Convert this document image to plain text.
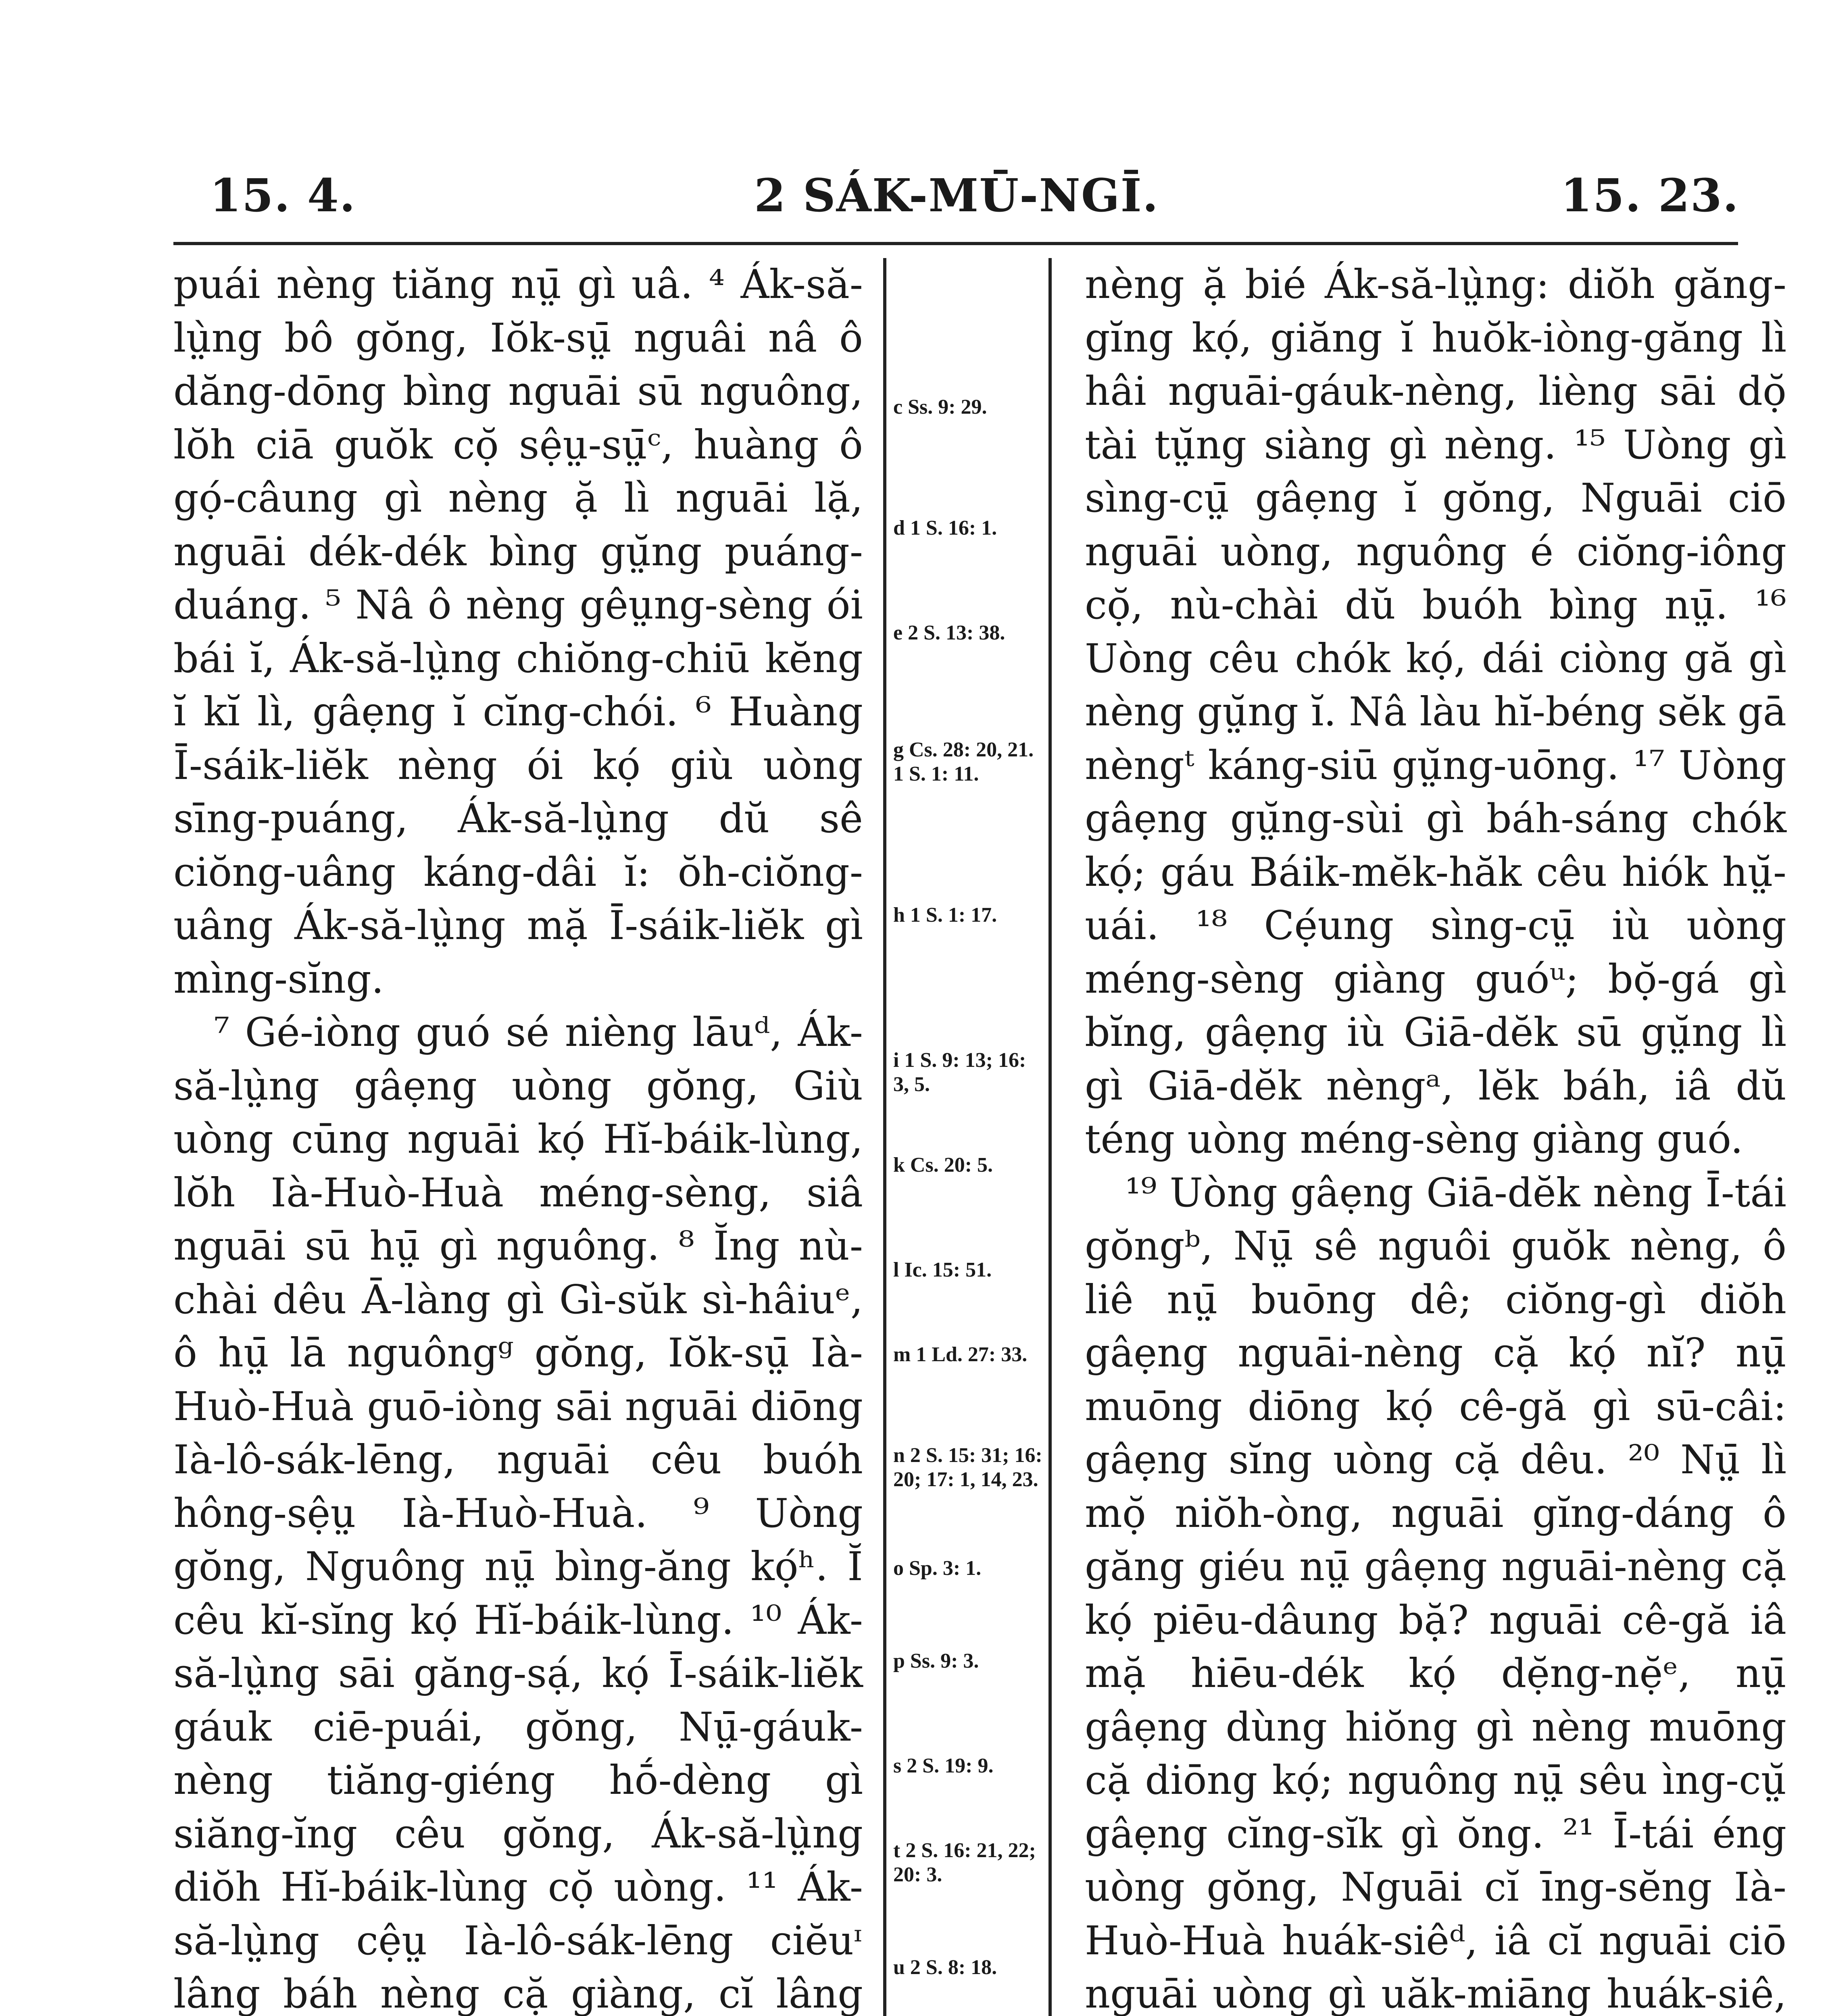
15. 4.	2 SÁK-MŪ-NGĪ.	15. 23.

puái nèng tiăng nṳ̄ gì uâ. ⁴ Ák-să-lṳ̀ng bô gŏng, Iŏk-sṳ̄ nguâi nâ ô dăng-dōng bìng nguāi sū nguông, lŏh ciā guŏk cọ̆ sệṳ-sṳ̄ᶜ, huàng ô gọ́-câung gì nèng ặ lì nguāi lặ, nguāi dék-dék bìng gṳ̆ng puáng-duáng. ⁵ Nâ ô nèng gêṳng-sèng ói bái ĭ, Ák-să-lṳ̀ng chiŏng-chiū kĕng ĭ kĭ lì, gâẹng ĭ cĭng-chói. ⁶ Huàng Ī-sáik-liĕk nèng ói kọ́ giù uòng sīng-puáng, Ák-să-lṳ̀ng dŭ sê ciŏng-uâng káng-dâi ĭ: ŏh-ciŏng-uâng Ák-să-lṳ̀ng mặ Ī-sáik-liĕk gì mìng-sĭng.

⁷ Gé-iòng guó sé nièng lāuᵈ, Ák-să-lṳ̀ng gâẹng uòng gŏng, Giù uòng cūng nguāi kọ́ Hĭ-báik-lùng, lŏh Ià-Huò-Huà méng-sèng, siâ nguāi sū hṳ̄ gì nguông. ⁸ Ĭng nù-chài dêu Ā-làng gì Gì-sŭk sì-hâiuᵉ, ô hṳ̄ lā nguôngᵍ gŏng, Iŏk-sṳ̄ Ià-Huò-Huà guō-iòng sāi nguāi diōng Ià-lô-sák-lēng, nguāi cêu buóh hông-sệṳ Ià-Huò-Huà. ⁹ Uòng gŏng, Nguông nṳ̄ bìng-ăng kọ́ʰ. Ĭ cêu kĭ-sĭng kọ́ Hĭ-báik-lùng. ¹⁰ Ák-să-lṳ̀ng sāi găng-sạ́, kọ́ Ī-sáik-liĕk gáuk ciē-puái, gŏng, Nṳ̄-gáuk-nèng tiăng-giéng hṓ-dèng gì siăng-ĭng cêu gŏng, Ák-să-lṳ̀ng diŏh Hĭ-báik-lùng cọ̆ uòng. ¹¹ Ák-să-lṳ̀ng cệṳ Ià-lô-sák-lēng ciĕuᶦ lâng báh nèng cặ giàng, cĭ lâng

c Ss. 9: 29.
d 1 S. 16: 1.
e 2 S. 13: 38.
g Cs. 28: 20, 21. 1 S. 1: 11.
h 1 S. 1: 17.
i 1 S. 9: 13; 16: 3, 5.
k Cs. 20: 5.
l Ic. 15: 51.
m 1 Ld. 27: 33.
n 2 S. 15: 31; 16: 20; 17: 1, 14, 23.
o Sp. 3: 1.
p Ss. 9: 3.
s 2 S. 19: 9.
t 2 S. 16: 21, 22; 20: 3.
u 2 S. 8: 18.

nèng ặ bié Ák-să-lṳ̀ng: diŏh găng-gĭng kọ́, giăng ĭ huŏk-iòng-găng lì hâi nguāi-gáuk-nèng, lièng sāi dọ̆ tài tṳ̆ng siàng gì nèng. ¹⁵ Uòng gì sìng-cṳ̄ gâẹng ĭ gŏng, Nguāi ciō nguāi uòng, nguông é ciŏng-iông cọ̆, nù-chài dŭ buóh bìng nṳ̄. ¹⁶ Uòng cêu chók kọ́, dái ciòng gă gì nèng gṳ̆ng ĭ. Nâ làu hĭ-béng sĕk gā nèngᵗ káng-siū gṳ̆ng-uōng. ¹⁷ Uòng gâẹng gṳ̆ng-sùi gì báh-sáng chók kọ́; gáu Báik-mĕk-hăk cêu hiók hṳ̆-uái. ¹⁸ Cẹ́ung sìng-cṳ̄ iù uòng méng-sèng giàng guóᵘ; bọ̆-gá gì bĭng, gâẹng iù Giā-dĕk sū gṳ̆ng lì gì Giā-dĕk nèngᵃ, lĕk báh, iâ dŭ téng uòng méng-sèng giàng guó.

¹⁹ Uòng gâẹng Giā-dĕk nèng Ī-tái gŏngᵇ, Nṳ̄ sê nguôi guŏk nèng, ô liê nṳ̄ buōng dê; ciŏng-gì diŏh gâẹng nguāi-nèng cặ kọ́ nĭ? nṳ̄ muōng diōng kọ́ cê-gă gì sū-câi: gâẹng sĭng uòng cặ dêu. ²⁰ Nṳ̄ lì mọ̆ niŏh-òng, nguāi gĭng-dáng ô găng giéu nṳ̄ gâẹng nguāi-nèng cặ kọ́ piēu-dâung bặ? nguāi cê-gă iâ mặ hiēu-dék kọ́ dẹ̆ng-nẹ̆ᵉ, nṳ̄ gâẹng dùng hiŏng gì nèng muōng cặ diōng kọ́; nguông nṳ̄ sêu ìng-cṳ̆ gâẹng cĭng-sĭk gì ŏng. ²¹ Ī-tái éng uòng gŏng, Nguāi cĭ īng-sĕng Ià-Huò-Huà huák-siêᵈ, iâ cĭ nguāi ciō nguāi uòng gì uăk-miāng huák-siê,
